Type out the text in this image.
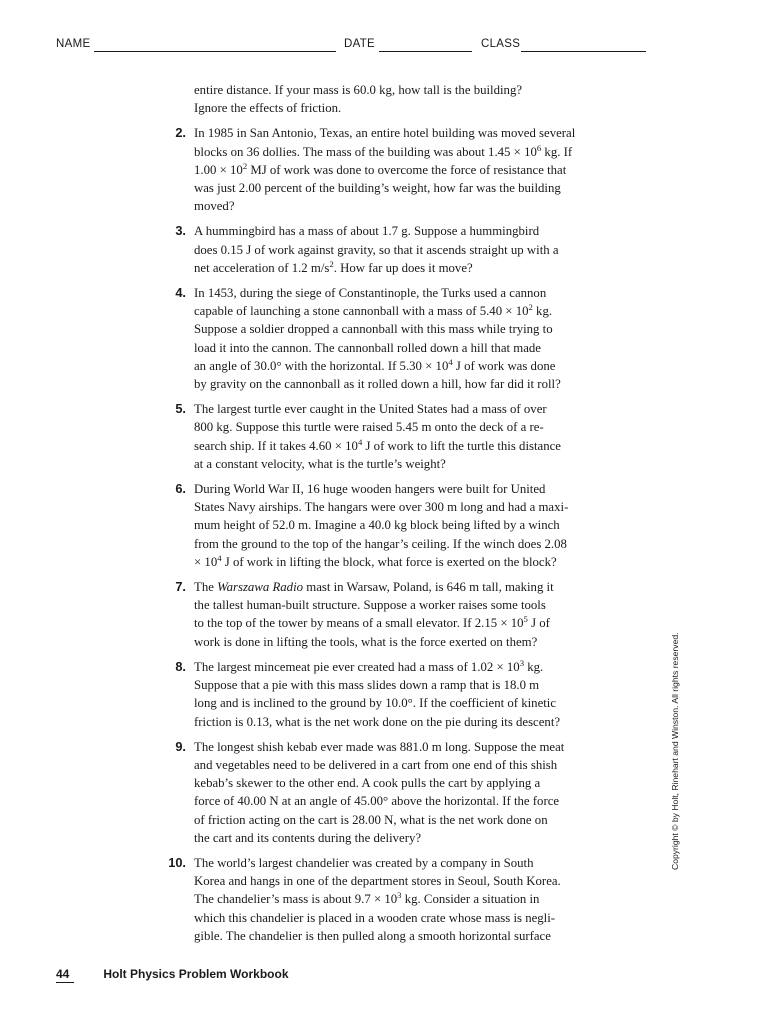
NAME	DATE	CLASS
entire distance. If your mass is 60.0 kg, how tall is the building?
Ignore the effects of friction.
2. In 1985 in San Antonio, Texas, an entire hotel building was moved several
blocks on 36 dollies. The mass of the building was about $1.45 \times 10^6$ kg. If
$1.00 \times 10^2$ MJ of work was done to overcome the force of resistance that
was just 2.00 percent of the building’s weight, how far was the building
moved?
3. A hummingbird has a mass of about 1.7 g. Suppose a hummingbird
does 0.15 J of work against gravity, so that it ascends straight up with a
net acceleration of 1.2 $m/s^2$. How far up does it move?
4. In 1453, during the siege of Constantinople, the Turks used a cannon
capable of launching a stone cannonball with a mass of $5.40 \times 10^2$ kg.
Suppose a soldier dropped a cannonball with this mass while trying to
load it into the cannon. The cannonball rolled down a hill that made
an angle of 30.0° with the horizontal. If $5.30 \times 10^4$ J of work was done
by gravity on the cannonball as it rolled down a hill, how far did it roll?
5. The largest turtle ever caught in the United States had a mass of over
800 kg. Suppose this turtle were raised 5.45 m onto the deck of a re-
search ship. If it takes $4.60 \times 10^4$ J of work to lift the turtle this distance
at a constant velocity, what is the turtle’s weight?
6. During World War II, 16 huge wooden hangers were built for United
States Navy airships. The hangars were over 300 m long and had a maxi-
mum height of 52.0 m. Imagine a 40.0 kg block being lifted by a winch
from the ground to the top of the hangar’s ceiling. If the winch does 2.08
× $10^4$ J of work in lifting the block, what force is exerted on the block?
7. The Warszawa Radio mast in Warsaw, Poland, is 646 m tall, making it
the tallest human-built structure. Suppose a worker raises some tools
to the top of the tower by means of a small elevator. If $2.15 \times 10^5$ J of
work is done in lifting the tools, what is the force exerted on them?
8. The largest mincemeat pie ever created had a mass of $1.02 \times 10^3$ kg.
Suppose that a pie with this mass slides down a ramp that is 18.0 m
long and is inclined to the ground by 10.0°. If the coefficient of kinetic
friction is 0.13, what is the net work done on the pie during its descent?
9. The longest shish kebab ever made was 881.0 m long. Suppose the meat
and vegetables need to be delivered in a cart from one end of this shish
kebab’s skewer to the other end. A cook pulls the cart by applying a
force of 40.00 N at an angle of 45.00° above the horizontal. If the force
of friction acting on the cart is 28.00 N, what is the net work done on
the cart and its contents during the delivery?
10. The world’s largest chandelier was created by a company in South
Korea and hangs in one of the department stores in Seoul, South Korea.
The chandelier’s mass is about $9.7 \times 10^3$ kg. Consider a situation in
which this chandelier is placed in a wooden crate whose mass is negli-
gible. The chandelier is then pulled along a smooth horizontal surface
Copyright © by Holt, Rinehart and Winston. All rights reserved.
44	Holt Physics Problem Workbook
